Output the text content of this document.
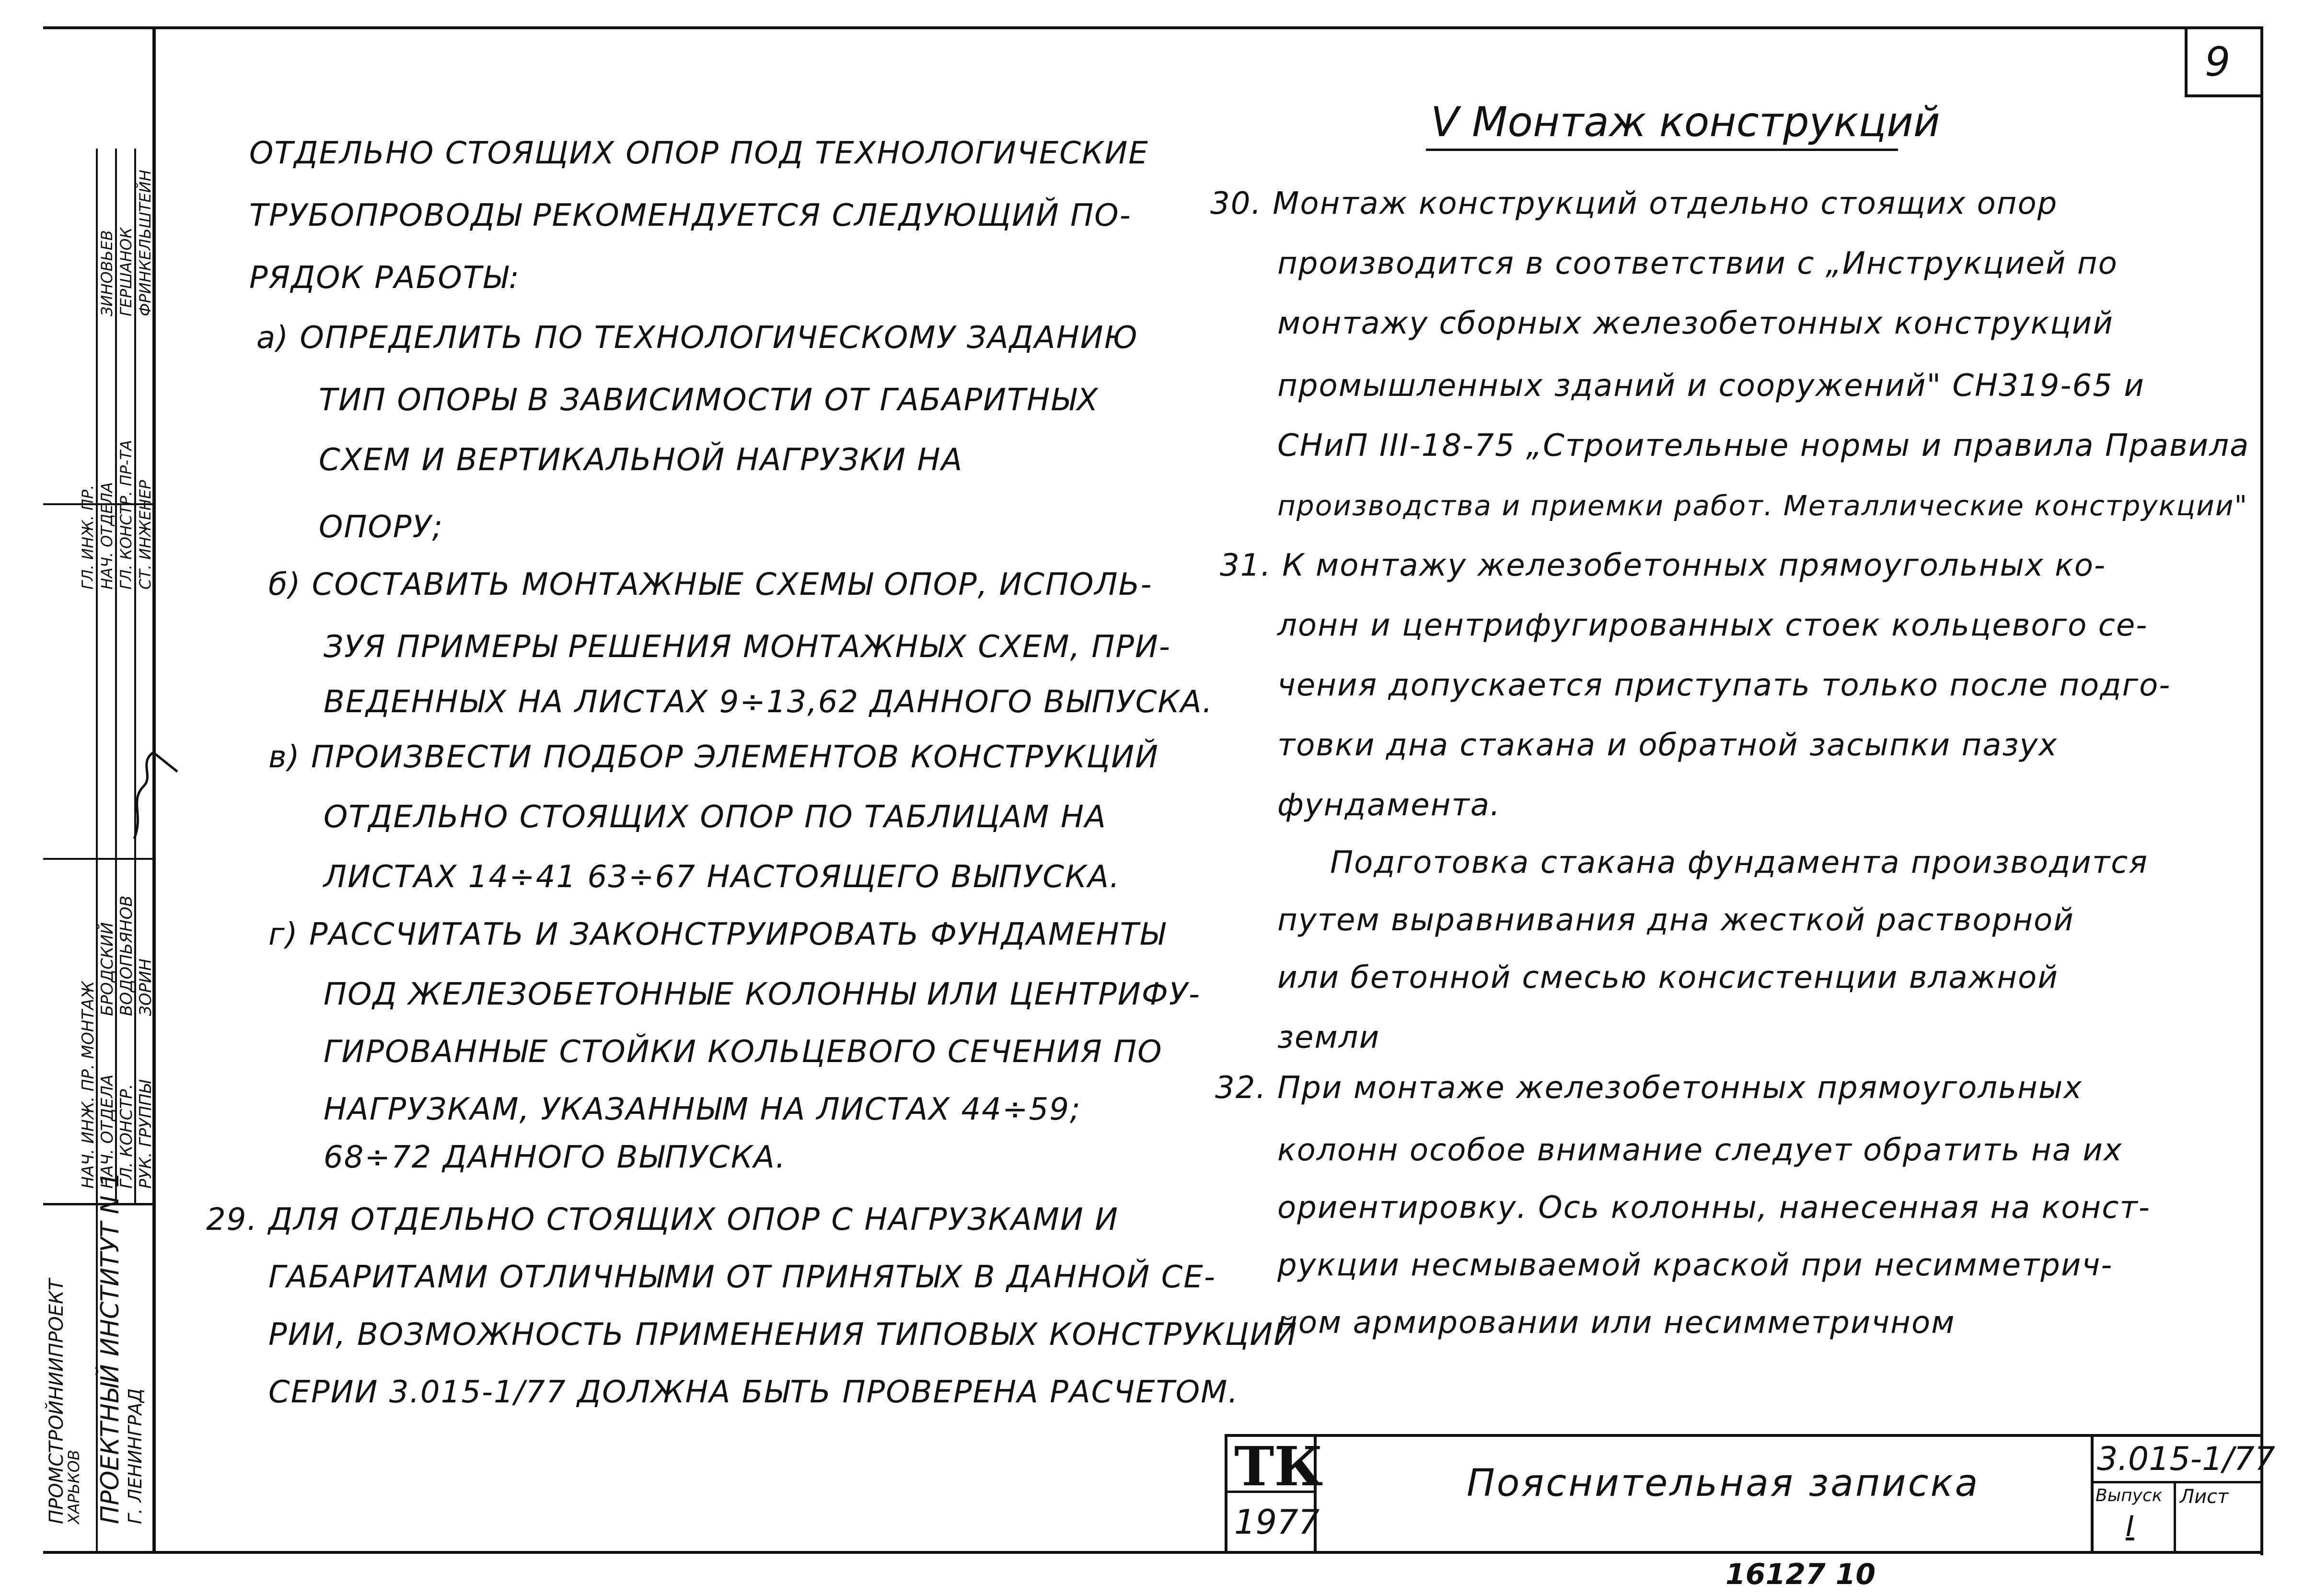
9

ОТДЕЛЬНО СТОЯЩИХ ОПОР ПОД ТЕХНОЛОГИЧЕСКИЕ

ТРУБОПРОВОДЫ РЕКОМЕНДУЕТСЯ СЛЕДУЮЩИЙ ПО-

РЯДОК РАБОТЫ:

а) ОПРЕДЕЛИТЬ ПО ТЕХНОЛОГИЧЕСКОМУ ЗАДАНИЮ

ТИП ОПОРЫ В ЗАВИСИМОСТИ ОТ ГАБАРИТНЫХ

СХЕМ И ВЕРТИКАЛЬНОЙ НАГРУЗКИ НА

ОПОРУ;

б) СОСТАВИТЬ МОНТАЖНЫЕ СХЕМЫ ОПОР, ИСПОЛЬ-

ЗУЯ ПРИМЕРЫ РЕШЕНИЯ МОНТАЖНЫХ СХЕМ, ПРИ-

ВЕДЕННЫХ НА ЛИСТАХ 9÷13,62 ДАННОГО ВЫПУСКА.

в) ПРОИЗВЕСТИ ПОДБОР ЭЛЕМЕНТОВ КОНСТРУКЦИЙ

ОТДЕЛЬНО СТОЯЩИХ ОПОР ПО ТАБЛИЦАМ НА

ЛИСТАХ 14÷41 63÷67 НАСТОЯЩЕГО ВЫПУСКА.

г) РАССЧИТАТЬ И ЗАКОНСТРУИРОВАТЬ ФУНДАМЕНТЫ

ПОД ЖЕЛЕЗОБЕТОННЫЕ КОЛОННЫ ИЛИ ЦЕНТРИФУ-

ГИРОВАННЫЕ СТОЙКИ КОЛЬЦЕВОГО СЕЧЕНИЯ ПО

НАГРУЗКАМ, УКАЗАННЫМ НА ЛИСТАХ 44÷59;

68÷72 ДАННОГО ВЫПУСКА.

29. ДЛЯ ОТДЕЛЬНО СТОЯЩИХ ОПОР С НАГРУЗКАМИ И

ГАБАРИТАМИ ОТЛИЧНЫМИ ОТ ПРИНЯТЫХ В ДАННОЙ СЕ-

РИИ, ВОЗМОЖНОСТЬ ПРИМЕНЕНИЯ ТИПОВЫХ КОНСТРУКЦИЙ

СЕРИИ 3.015-1/77 ДОЛЖНА БЫТЬ ПРОВЕРЕНА РАСЧЕТОМ.

V Монтаж конструкций

30. Монтаж конструкций отдельно стоящих опор

производится в соответствии с „Инструкцией по

монтажу сборных железобетонных конструкций

промышленных зданий и сооружений" СН319-65 и

СНиП III-18-75 „Строительные нормы и правила Правила

производства и приемки работ. Металлические конструкции"

31. К монтажу железобетонных прямоугольных ко-

лонн и центрифугированных стоек кольцевого се-

чения допускается приступать только после подго-

товки дна стакана и обратной засыпки пазух

фундамента.

Подготовка стакана фундамента производится

путем выравнивания дна жесткой растворной

или бетонной смесью консистенции влажной

земли

32. При монтаже железобетонных прямоугольных

колонн особое внимание следует обратить на их

ориентировку. Ось колонны, нанесенная на конст-

рукции несмываемой краской при несимметрич-

ном армировании или несимметричном

ТК
1977
Пояснительная записка
3.015-1/77
Выпуск Лист
I
16127 10
ПРОМСТРОЙНИИПРОЕКТ
ХАРЬКОВ ПРОЕКТНЫЙ ИНСТИТУТ N 1 Г. ЛЕНИНГРАД
НАЧ. ИНЖ. ПР. МОНТАЖ НАЧ. ОТДЕЛА ГЛ. КОНСТР. РУК. ГРУППЫ
БРОДСКИЙ ВОДОПЬЯНОВ ЗОРИН
ГЛ. ИНЖ. ПР. НАЧ. ОТДЕЛА ГЛ. КОНСТР. ПР-ТА СТ. ИНЖЕНЕР
ЗИНОВЬЕВ ГЕРШАНОК ФРИНКЕЛЬШТЕЙН
